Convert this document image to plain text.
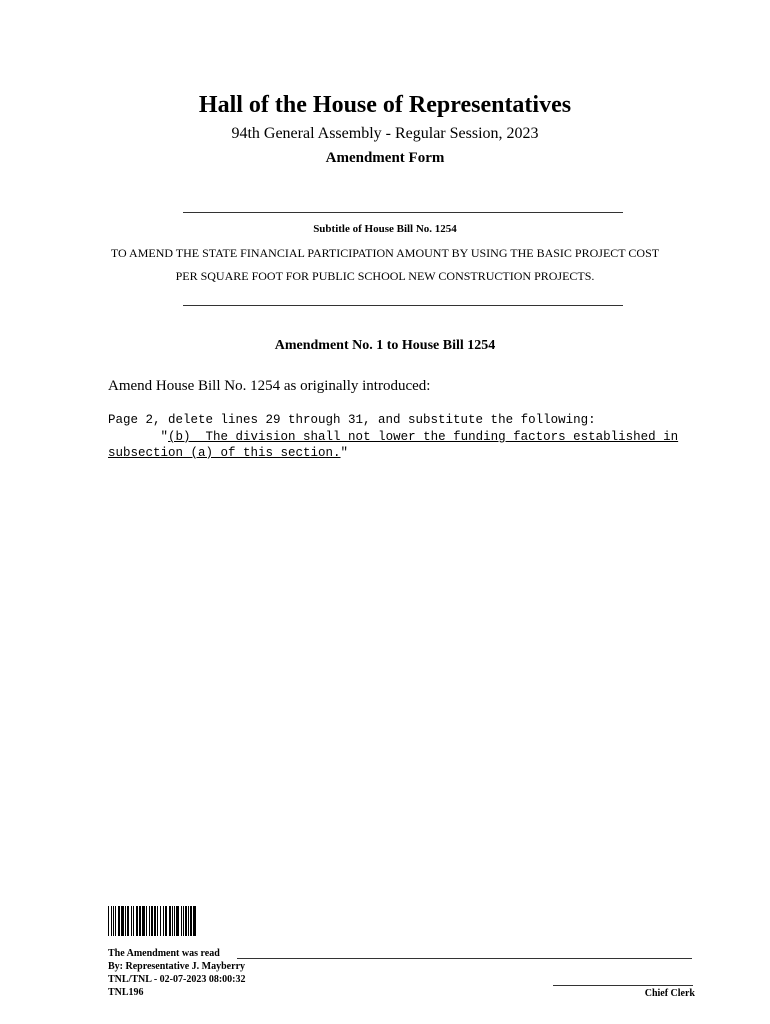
Hall of the House of Representatives
94th General Assembly - Regular Session, 2023
Amendment Form
Subtitle of House Bill No. 1254
TO AMEND THE STATE FINANCIAL PARTICIPATION AMOUNT BY USING THE BASIC PROJECT COST
PER SQUARE FOOT FOR PUBLIC SCHOOL NEW CONSTRUCTION PROJECTS.
Amendment No. 1 to House Bill 1254
Amend House Bill No. 1254 as originally introduced:
Page 2, delete lines 29 through 31, and substitute the following:
"(b)  The division shall not lower the funding factors established in
subsection (a) of this section."
The Amendment was read
By: Representative J. Mayberry
TNL/TNL - 02-07-2023 08:00:32
TNL196	Chief Clerk
